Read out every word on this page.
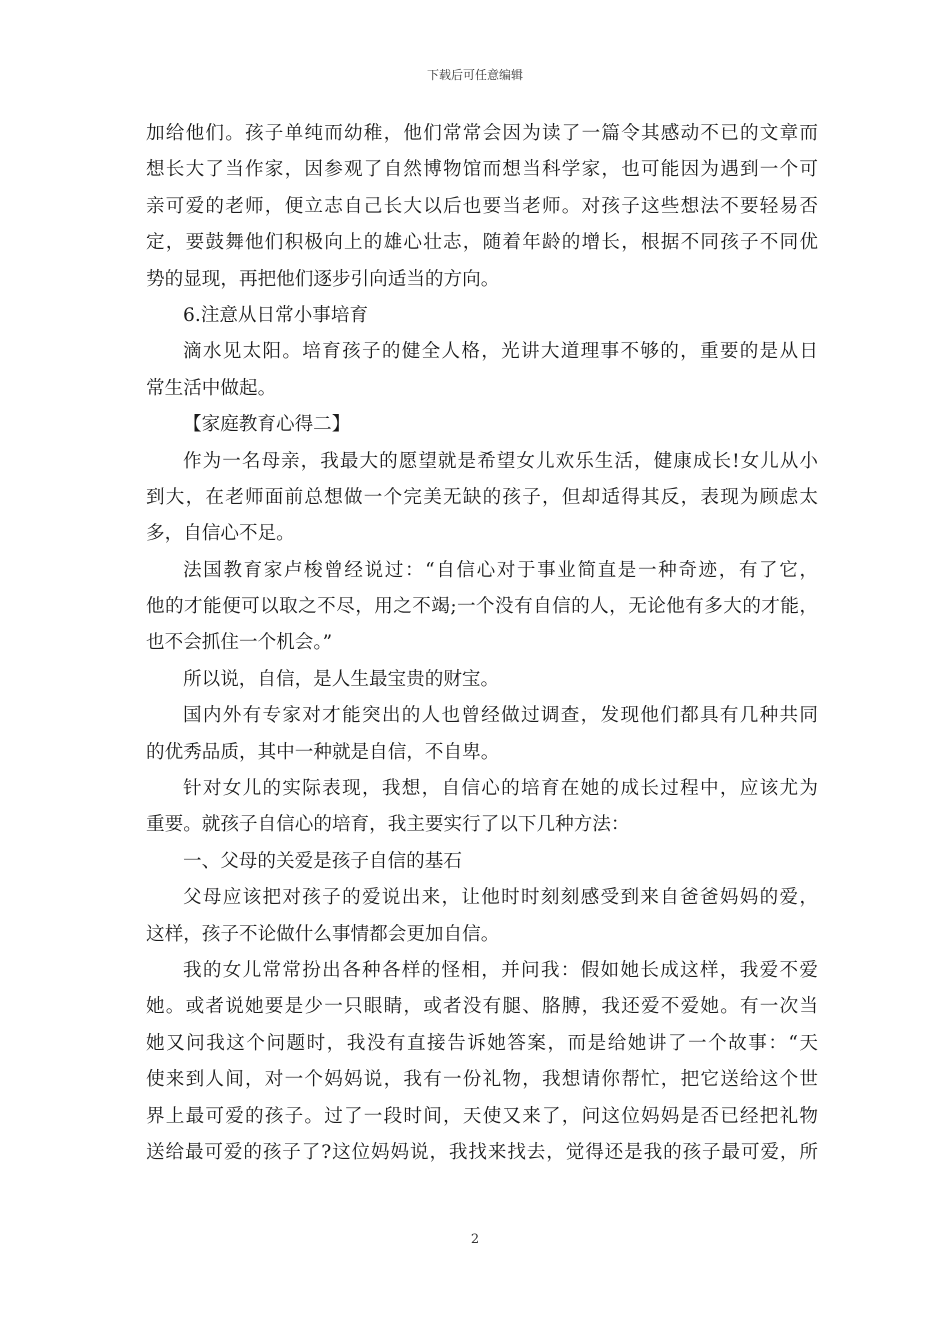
下载后可任意编辑
加给他们。孩子单纯而幼稚，他们常常会因为读了一篇令其感动不已的文章而
想长大了当作家，因参观了自然博物馆而想当科学家，也可能因为遇到一个可
亲可爱的老师，便立志自己长大以后也要当老师。对孩子这些想法不要轻易否
定，要鼓舞他们积极向上的雄心壮志，随着年龄的增长，根据不同孩子不同优
势的显现，再把他们逐步引向适当的方向。
6.注意从日常小事培育
滴水见太阳。培育孩子的健全人格，光讲大道理事不够的，重要的是从日
常生活中做起。
【家庭教育心得二】
作为一名母亲，我最大的愿望就是希望女儿欢乐生活，健康成长!女儿从小
到大，在老师面前总想做一个完美无缺的孩子，但却适得其反，表现为顾虑太
多，自信心不足。
法国教育家卢梭曾经说过：“自信心对于事业简直是一种奇迹，有了它，
他的才能便可以取之不尽，用之不竭;一个没有自信的人，无论他有多大的才能，
也不会抓住一个机会。”
所以说，自信，是人生最宝贵的财宝。
国内外有专家对才能突出的人也曾经做过调查，发现他们都具有几种共同
的优秀品质，其中一种就是自信，不自卑。
针对女儿的实际表现，我想，自信心的培育在她的成长过程中，应该尤为
重要。就孩子自信心的培育，我主要实行了以下几种方法：
一、父母的关爱是孩子自信的基石
父母应该把对孩子的爱说出来，让他时时刻刻感受到来自爸爸妈妈的爱，
这样，孩子不论做什么事情都会更加自信。
我的女儿常常扮出各种各样的怪相，并问我：假如她长成这样，我爱不爱
她。或者说她要是少一只眼睛，或者没有腿、胳膊，我还爱不爱她。有一次当
她又问我这个问题时，我没有直接告诉她答案，而是给她讲了一个故事：“天
使来到人间，对一个妈妈说，我有一份礼物，我想请你帮忙，把它送给这个世
界上最可爱的孩子。过了一段时间，天使又来了，问这位妈妈是否已经把礼物
送给最可爱的孩子了?这位妈妈说，我找来找去，觉得还是我的孩子最可爱，所
2
